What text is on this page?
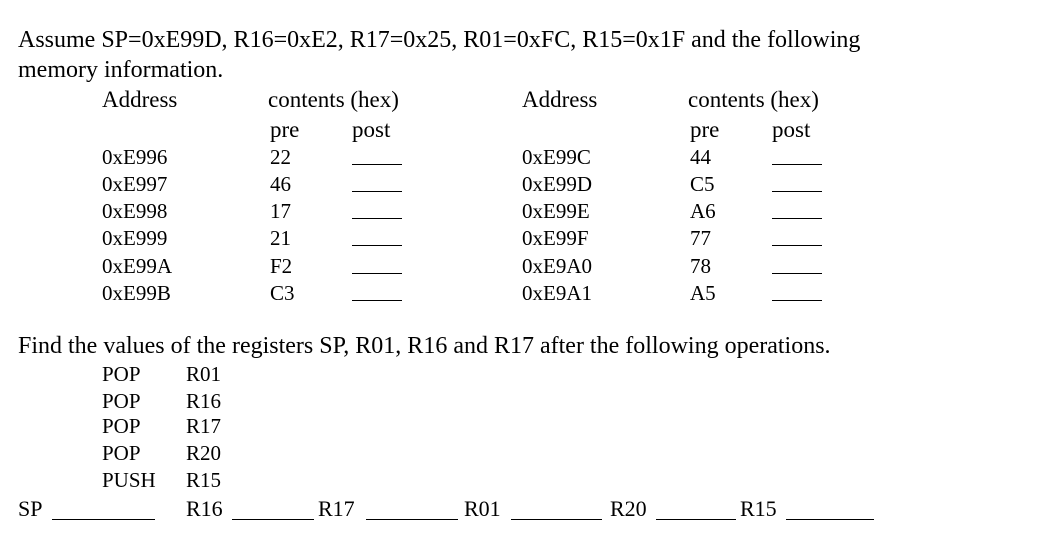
Assume SP=0xE99D, R16=0xE2, R17=0x25, R01=0xFC, R15=0x1F and the following
memory information.
Address	contents (hex)	Address	contents (hex)
pre post	pre post
0xE996	22
0xE997	46
0xE998	17
0xE999	21
0xE99A	F2
0xE99B	C3
0xE99C	44
0xE99D	C5
0xE99E	A6
0xE99F	77
0xE9A0	78
0xE9A1	A5
Find the values of the registers SP, R01, R16 and R17 after the following operations.
POP R01
POP R16
POP R17
POP R20
PUSH R15
SP	R16	R17	R01	R20	R15
